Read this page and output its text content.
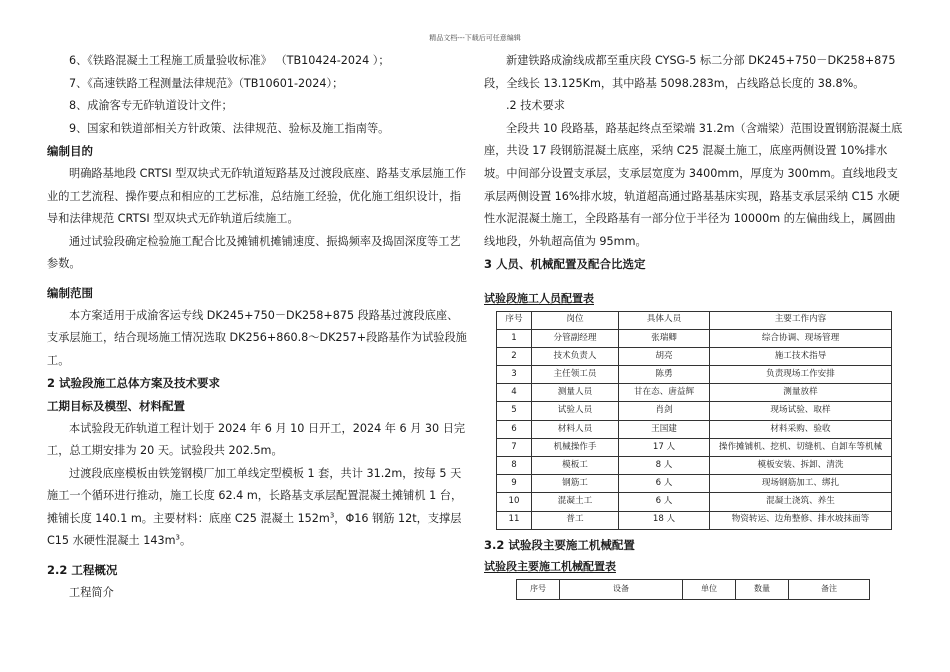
精品文档---下载后可任意编辑

6、《铁路混凝土工程施工质量验收标准》 （TB10424-2024 ）；

7、《高速铁路工程测量法律规范》（TB10601-2024）；

8、成渝客专无砟轨道设计文件；

9、国家和铁道部相关方针政策、法律规范、验标及施工指南等。

编制目的

明确路基地段 CRTSI 型双块式无砟轨道短路基及过渡段底座、路基支承层施工作业的工艺流程、操作要点和相应的工艺标准，总结施工经验，优化施工组织设计，指导和法律规范 CRTSI 型双块式无砟轨道后续施工。

通过试验段确定检验施工配合比及摊铺机摊铺速度、振捣频率及捣固深度等工艺参数。

编制范围

本方案适用于成渝客运专线 DK245+750－DK258+875 段路基过渡段底座、支承层施工，结合现场施工情况选取 DK256+860.8～DK257+段路基作为试验段施工。

2 试验段施工总体方案及技术要求

工期目标及模型、材料配置

本试验段无砟轨道工程计划于 2024 年 6 月 10 日开工，2024 年 6 月 30 日完工，总工期安排为 20 天。试验段共 202.5m。

过渡段底座模板由铁笼钢模厂加工单线定型模板 1 套，共计 31.2m，按每 5 天施工一个循环进行推动，施工长度 62.4 m，长路基支承层配置混凝土摊铺机 1 台，摊铺长度 140.1 m。主要材料：底座 C25 混凝土 $152m^3$，Φ16 钢筋 12t，支撑层 C15 水硬性混凝土 $143m^3$。

2.2 工程概况

工程简介

新建铁路成渝线成都至重庆段 CYSG-5 标二分部 DK245+750－DK258+875 段，全线长 13.125Km，其中路基 5098.283m，占线路总长度的 38.8%。

.2 技术要求

全段共 10 段路基，路基起终点至梁端 31.2m（含端梁）范围设置钢筋混凝土底座，共设 17 段钢筋混凝土底座，采纳 C25 混凝土施工，底座两侧设置 10%排水坡。中间部分设置支承层，支承层宽度为 3400mm，厚度为 300mm。直线地段支承层两侧设置 16%排水坡，轨道超高通过路基基床实现，路基支承层采纳 C15 水硬性水泥混凝土施工，全段路基有一部分位于半径为 10000m 的左偏曲线上，属圆曲线地段，外轨超高值为 95mm。

3 人员、机械配置及配合比选定

试验段施工人员配置表

序号	岗位	具体人员	主要工作内容
1	分管副经理	张瑞卿	综合协调、现场管理
2	技术负责人	胡亮	施工技术指导
3	主任领工员	陈勇	负责现场工作安排
4	测量人员	甘在态、唐益辉	测量放样
5	试验人员	肖剑	现场试验、取样
6	材料人员	王国建	材料采购、验收
7	机械操作手	17 人	操作摊铺机、挖机、切缝机、自卸车等机械
8	模板工	8 人	模板安装、拆卸、清洗
9	钢筋工	6 人	现场钢筋加工、绑扎
10	混凝土工	6 人	混凝土浇筑、养生
11	普工	18 人	物资转运、边角整修、排水坡抹面等

3.2 试验段主要施工机械配置

试验段主要施工机械配置表

序号	设备	单位	数量	备注
